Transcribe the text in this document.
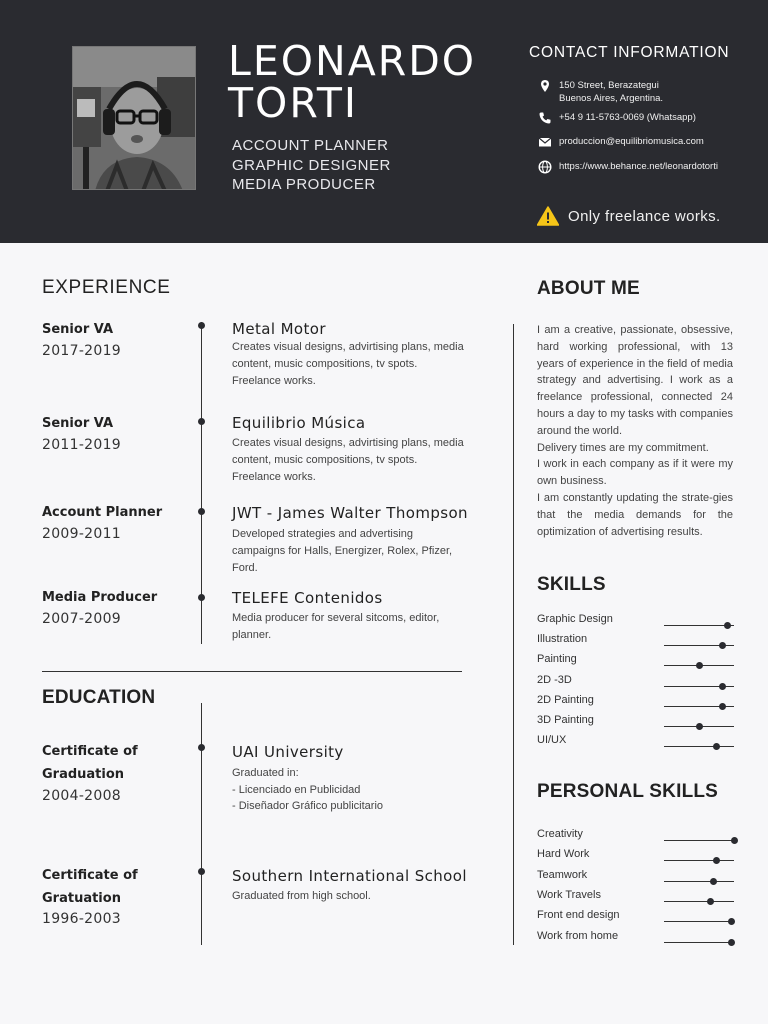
LEONARDO
TORTI
ACCOUNT PLANNER
GRAPHIC DESIGNER
MEDIA PRODUCER
CONTACT INFORMATION
150 Street, Berazategui
Buenos Aires, Argentina.
+54 9 11-5763-0069 (Whatsapp)
produccion@equilibriomusica.com
https://www.behance.net/leonardotorti
Only freelance works.
EXPERIENCE
Senior VA
2017-2019
Metal Motor
Creates visual designs, advirtising plans, media
content, music compositions, tv spots.
Freelance works.
Senior VA
2011-2019
Equilibrio Música
Creates visual designs, advirtising plans, media
content, music compositions, tv spots.
Freelance works.
Account Planner
2009-2011
JWT - James Walter Thompson
Developed strategies and advertising
campaigns for Halls, Energizer, Rolex, Pfizer,
Ford.
Media Producer
2007-2009
TELEFE Contenidos
Media producer for several sitcoms, editor,
planner.
EDUCATION
Certificate of
Graduation
2004-2008
UAI University
Graduated in:
- Licenciado en Publicidad
- Diseñador Gráfico publicitario
Certificate of
Gratuation
1996-2003
Southern International School
Graduated from high school.
ABOUT ME

I am a creative, passionate, obsessive, hard working professional, with 13 years of experience in the field of media strategy and advertising. I work as a freelance professional, connected 24 hours a day to my tasks with companies around the world.

Delivery times are my commitment.

I work in each company as if it were my own business.

I am constantly updating the strate-gies that the media demands for the optimization of advertising results.

SKILLS
Graphic Design
Illustration
Painting
2D -3D
2D Painting
3D Painting
UI/UX
PERSONAL SKILLS
Creativity
Hard Work
Teamwork
Work Travels
Front end design
Work from home
